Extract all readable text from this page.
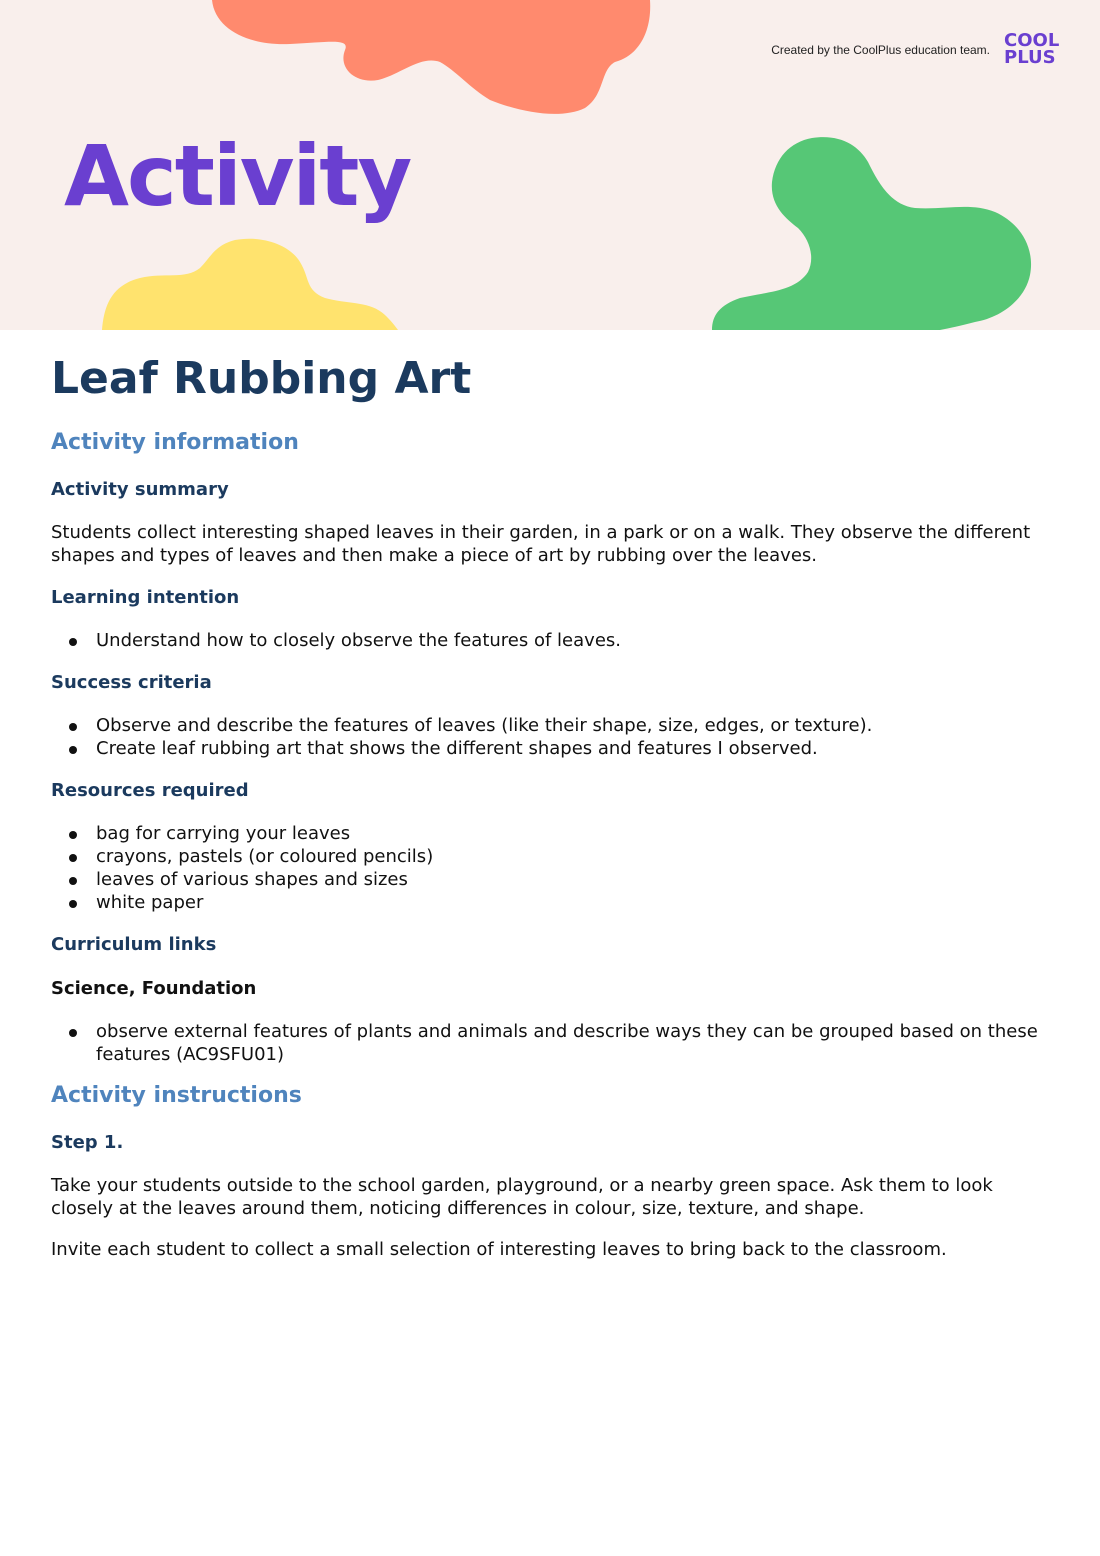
Created by the CoolPlus education team. COOL
PLUS
Activity
Leaf Rubbing Art
Activity information
Activity summary

Students collect interesting shaped leaves in their garden, in a park or on a walk. They observe the different shapes and types of leaves and then make a piece of art by rubbing over the leaves.

Learning intention
Understand how to closely observe the features of leaves.
Success criteria
Observe and describe the features of leaves (like their shape, size, edges, or texture).
Create leaf rubbing art that shows the different shapes and features I observed.
Resources required
bag for carrying your leaves
crayons, pastels (or coloured pencils)
leaves of various shapes and sizes
white paper
Curriculum links
Science, Foundation
observe external features of plants and animals and describe ways they can be grouped based on these features (AC9SFU01)
Activity instructions
Step 1.

Take your students outside to the school garden, playground, or a nearby green space. Ask them to look closely at the leaves around them, noticing differences in colour, size, texture, and shape.

Invite each student to collect a small selection of interesting leaves to bring back to the classroom.
